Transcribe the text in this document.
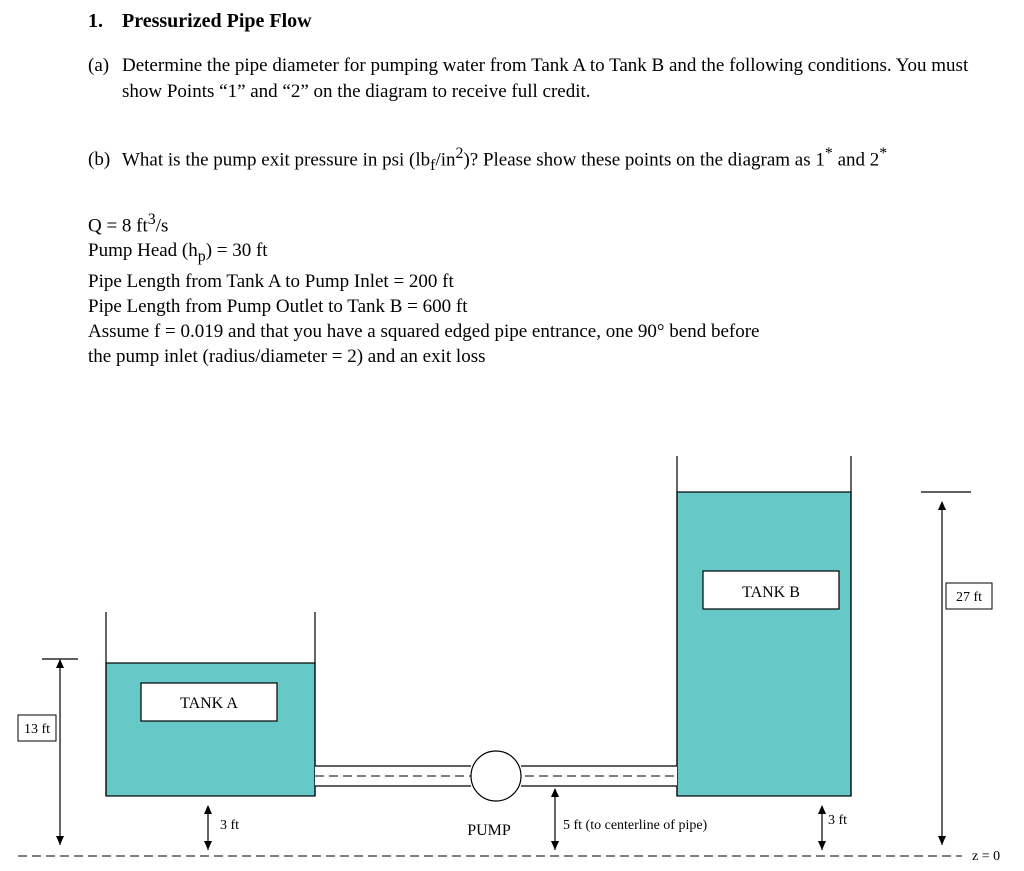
1. Pressurized Pipe Flow

(a) Determine the pipe diameter for pumping water from Tank A to Tank B and the following conditions. You must show Points “1” and “2” on the diagram to receive full credit.

(b) What is the pump exit pressure in psi $(lb_f/in^2)$? Please show these points on the diagram as 1* and 2*

Q = 8 $ft^3/s$
Pump Head $(h_p) = 30$ ft
Pipe Length from Tank A to Pump Inlet = 200 ft
Pipe Length from Pump Outlet to Tank B = 600 ft
Assume f = 0.019 and that you have a squared edged pipe entrance, one 90° bend before
the pump inlet (radius/diameter = 2) and an exit loss
TANK A
TANK B
PUMP
z = 0
13 ft
27 ft
3 ft	5 ft (to centerline of pipe)	3 ft
